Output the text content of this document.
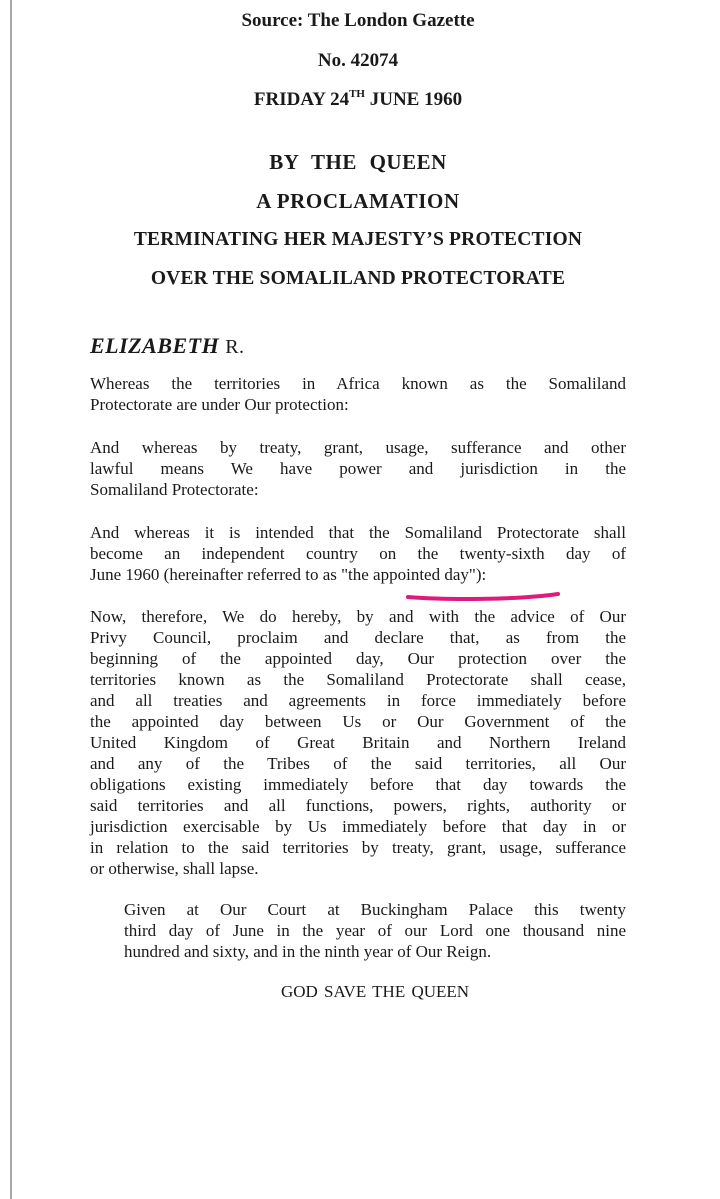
Source: The London Gazette
No. 42074
FRIDAY 24TH JUNE 1960
BY THE QUEEN
A PROCLAMATION
TERMINATING HER MAJESTY’S PROTECTION
OVER THE SOMALILAND PROTECTORATE
ELIZABETH R.
Whereas the territories in Africa known as the Somaliland
Protectorate are under Our protection:
And whereas by treaty, grant, usage, sufferance and other
lawful means We have power and jurisdiction in the
Somaliland Protectorate:
And whereas it is intended that the Somaliland Protectorate shall
become an independent country on the twenty-sixth day of
June 1960 (hereinafter referred to as "the appointed day"):
Now, therefore, We do hereby, by and with the advice of Our
Privy Council, proclaim and declare that, as from the
beginning of the appointed day, Our protection over the
territories known as the Somaliland Protectorate shall cease,
and all treaties and agreements in force immediately before
the appointed day between Us or Our Government of the
United Kingdom of Great Britain and Northern Ireland
and any of the Tribes of the said territories, all Our
obligations existing immediately before that day towards the
said territories and all functions, powers, rights, authority or
jurisdiction exercisable by Us immediately before that day in or
in relation to the said territories by treaty, grant, usage, sufferance
or otherwise, shall lapse.
Given at Our Court at Buckingham Palace this twenty
third day of June in the year of our Lord one thousand nine
hundred and sixty, and in the ninth year of Our Reign.
GOD SAVE THE QUEEN
